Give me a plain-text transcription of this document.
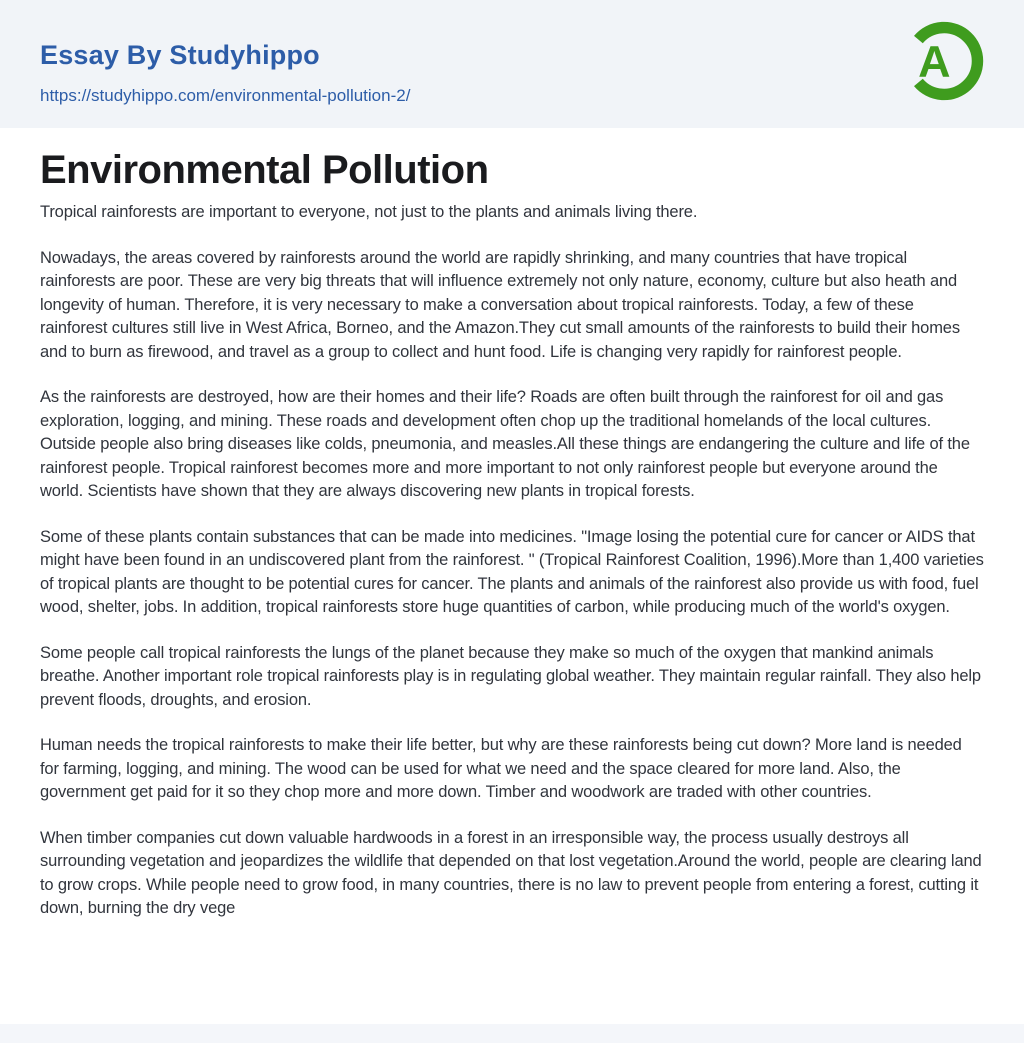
Essay By Studyhippo
https://studyhippo.com/environmental-pollution-2/
A
Environmental Pollution

Tropical rainforests are important to everyone, not just to the plants and animals living there.

Nowadays, the areas covered by rainforests around the world are rapidly shrinking, and many countries that have tropical rainforests are poor. These are very big threats that will influence extremely not only nature, economy, culture but also heath and longevity of human. Therefore, it is very necessary to make a conversation about tropical rainforests. Today, a few of these rainforest cultures still live in West Africa, Borneo, and the Amazon.They cut small amounts of the rainforests to build their homes and to burn as firewood, and travel as a group to collect and hunt food. Life is changing very rapidly for rainforest people.

As the rainforests are destroyed, how are their homes and their life? Roads are often built through the rainforest for oil and gas exploration, logging, and mining. These roads and development often chop up the traditional homelands of the local cultures. Outside people also bring diseases like colds, pneumonia, and measles.All these things are endangering the culture and life of the rainforest people. Tropical rainforest becomes more and more important to not only rainforest people but everyone around the world. Scientists have shown that they are always discovering new plants in tropical forests.

Some of these plants contain substances that can be made into medicines. "Image losing the potential cure for cancer or AIDS that might have been found in an undiscovered plant from the rainforest. " (Tropical Rainforest Coalition, 1996).More than 1,400 varieties of tropical plants are thought to be potential cures for cancer. The plants and animals of the rainforest also provide us with food, fuel wood, shelter, jobs. In addition, tropical rainforests store huge quantities of carbon, while producing much of the world's oxygen.

Some people call tropical rainforests the lungs of the planet because they make so much of the oxygen that mankind animals breathe. Another important role tropical rainforests play is in regulating global weather. They maintain regular rainfall. They also help prevent floods, droughts, and erosion.

Human needs the tropical rainforests to make their life better, but why are these rainforests being cut down? More land is needed for farming, logging, and mining. The wood can be used for what we need and the space cleared for more land. Also, the government get paid for it so they chop more and more down. Timber and woodwork are traded with other countries.

When timber companies cut down valuable hardwoods in a forest in an irresponsible way, the process usually destroys all surrounding vegetation and jeopardizes the wildlife that depended on that lost vegetation.Around the world, people are clearing land to grow crops. While people need to grow food, in many countries, there is no law to prevent people from entering a forest, cutting it down, burning the dry vege
